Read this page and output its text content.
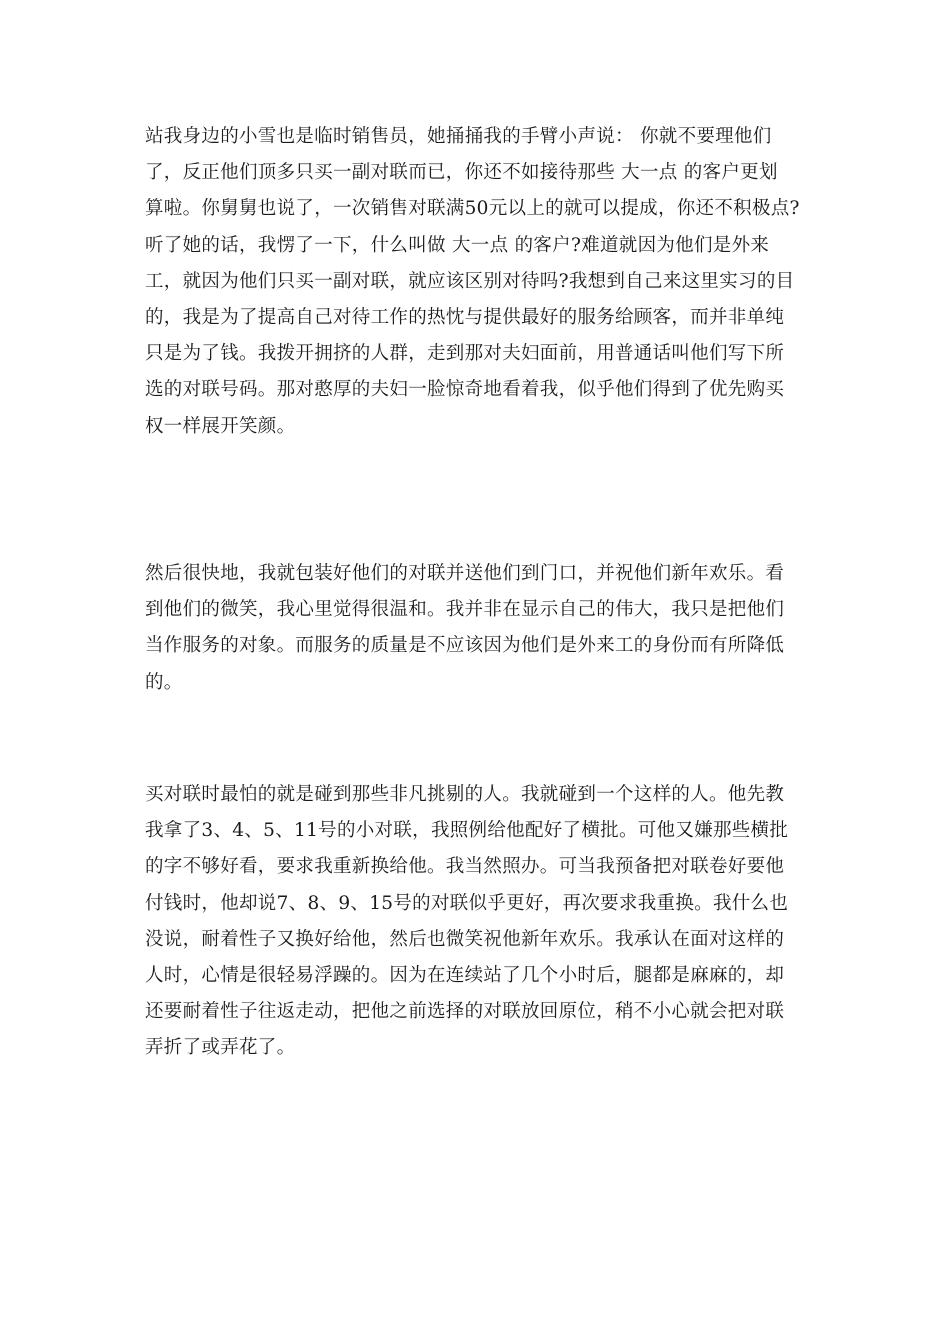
站我身边的小雪也是临时销售员，她捅捅我的手臂小声说： 你就不要理他们
了，反正他们顶多只买一副对联而已，你还不如接待那些 大一点 的客户更划
算啦。你舅舅也说了，一次销售对联满50元以上的就可以提成，你还不积极点?
听了她的话，我愣了一下，什么叫做 大一点 的客户?难道就因为他们是外来
工，就因为他们只买一副对联，就应该区别对待吗?我想到自己来这里实习的目
的，我是为了提高自己对待工作的热忱与提供最好的服务给顾客，而并非单纯
只是为了钱。我拨开拥挤的人群，走到那对夫妇面前，用普通话叫他们写下所
选的对联号码。那对憨厚的夫妇一脸惊奇地看着我，似乎他们得到了优先购买
权一样展开笑颜。

然后很快地，我就包装好他们的对联并送他们到门口，并祝他们新年欢乐。看
到他们的微笑，我心里觉得很温和。我并非在显示自己的伟大，我只是把他们
当作服务的对象。而服务的质量是不应该因为他们是外来工的身份而有所降低
的。

买对联时最怕的就是碰到那些非凡挑剔的人。我就碰到一个这样的人。他先教
我拿了3、4、5、11号的小对联，我照例给他配好了横批。可他又嫌那些横批
的字不够好看，要求我重新换给他。我当然照办。可当我预备把对联卷好要他
付钱时，他却说7、8、9、15号的对联似乎更好，再次要求我重换。我什么也
没说，耐着性子又换好给他，然后也微笑祝他新年欢乐。我承认在面对这样的
人时，心情是很轻易浮躁的。因为在连续站了几个小时后，腿都是麻麻的，却
还要耐着性子往返走动，把他之前选择的对联放回原位，稍不小心就会把对联
弄折了或弄花了。
